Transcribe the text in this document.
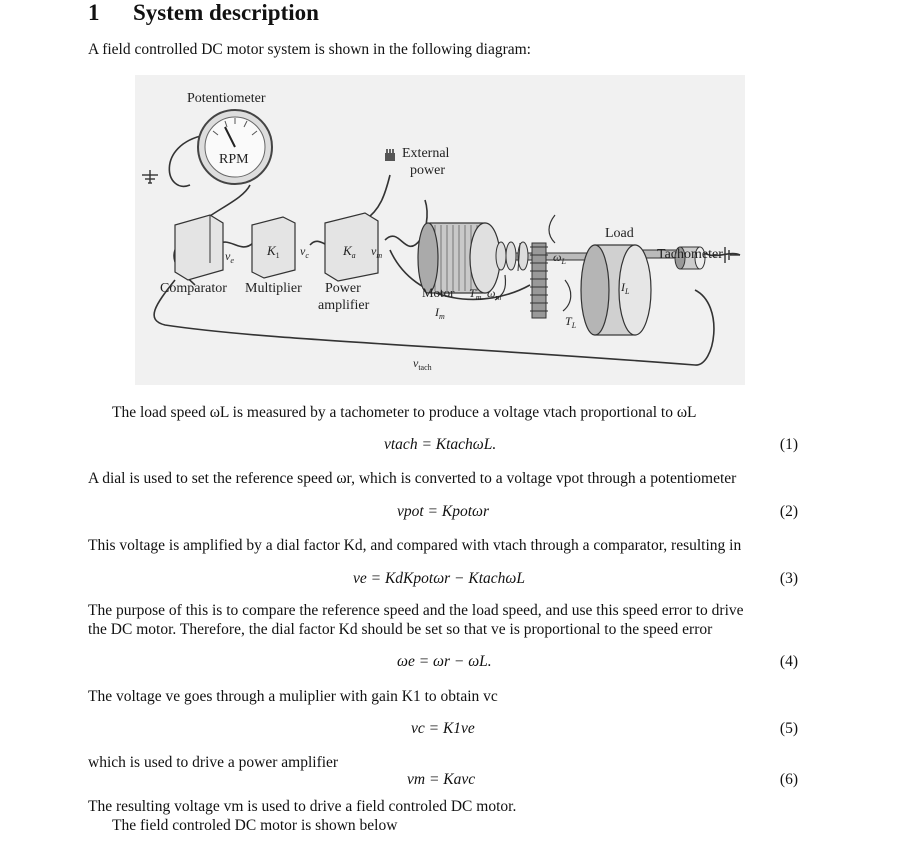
1 System description
A field controlled DC motor system is shown in the following diagram:
Potentiometer
RPM	External
power
$v_e$
$K_1$ $v_c$	$K_a$ $v_m$
Comparator Multiplier Power
amplifier
Load
Tachometer
Motor $T_m$ $\omega_m$
$I_m$
$\omega_L$
$I_L$
$T_L$
$v_{tach}$
The load speed ωL is measured by a tachometer to produce a voltage vtach proportional to ωL
vtach = KtachωL.	(1)
A dial is used to set the reference speed ωr, which is converted to a voltage vpot through a potentiometer
vpot = Kpotωr	(2)
This voltage is amplified by a dial factor Kd, and compared with vtach through a comparator, resulting in
ve = KdKpotωr − KtachωL	(3)
The purpose of this is to compare the reference speed and the load speed, and use this speed error to drive
the DC motor. Therefore, the dial factor Kd should be set so that ve is proportional to the speed error
ωe = ωr − ωL.	(4)
The voltage ve goes through a muliplier with gain K1 to obtain vc
vc = K1ve	(5)
which is used to drive a power amplifier
vm = Kavc	(6)
The resulting voltage vm is used to drive a field controled DC motor.
The field controled DC motor is shown below
